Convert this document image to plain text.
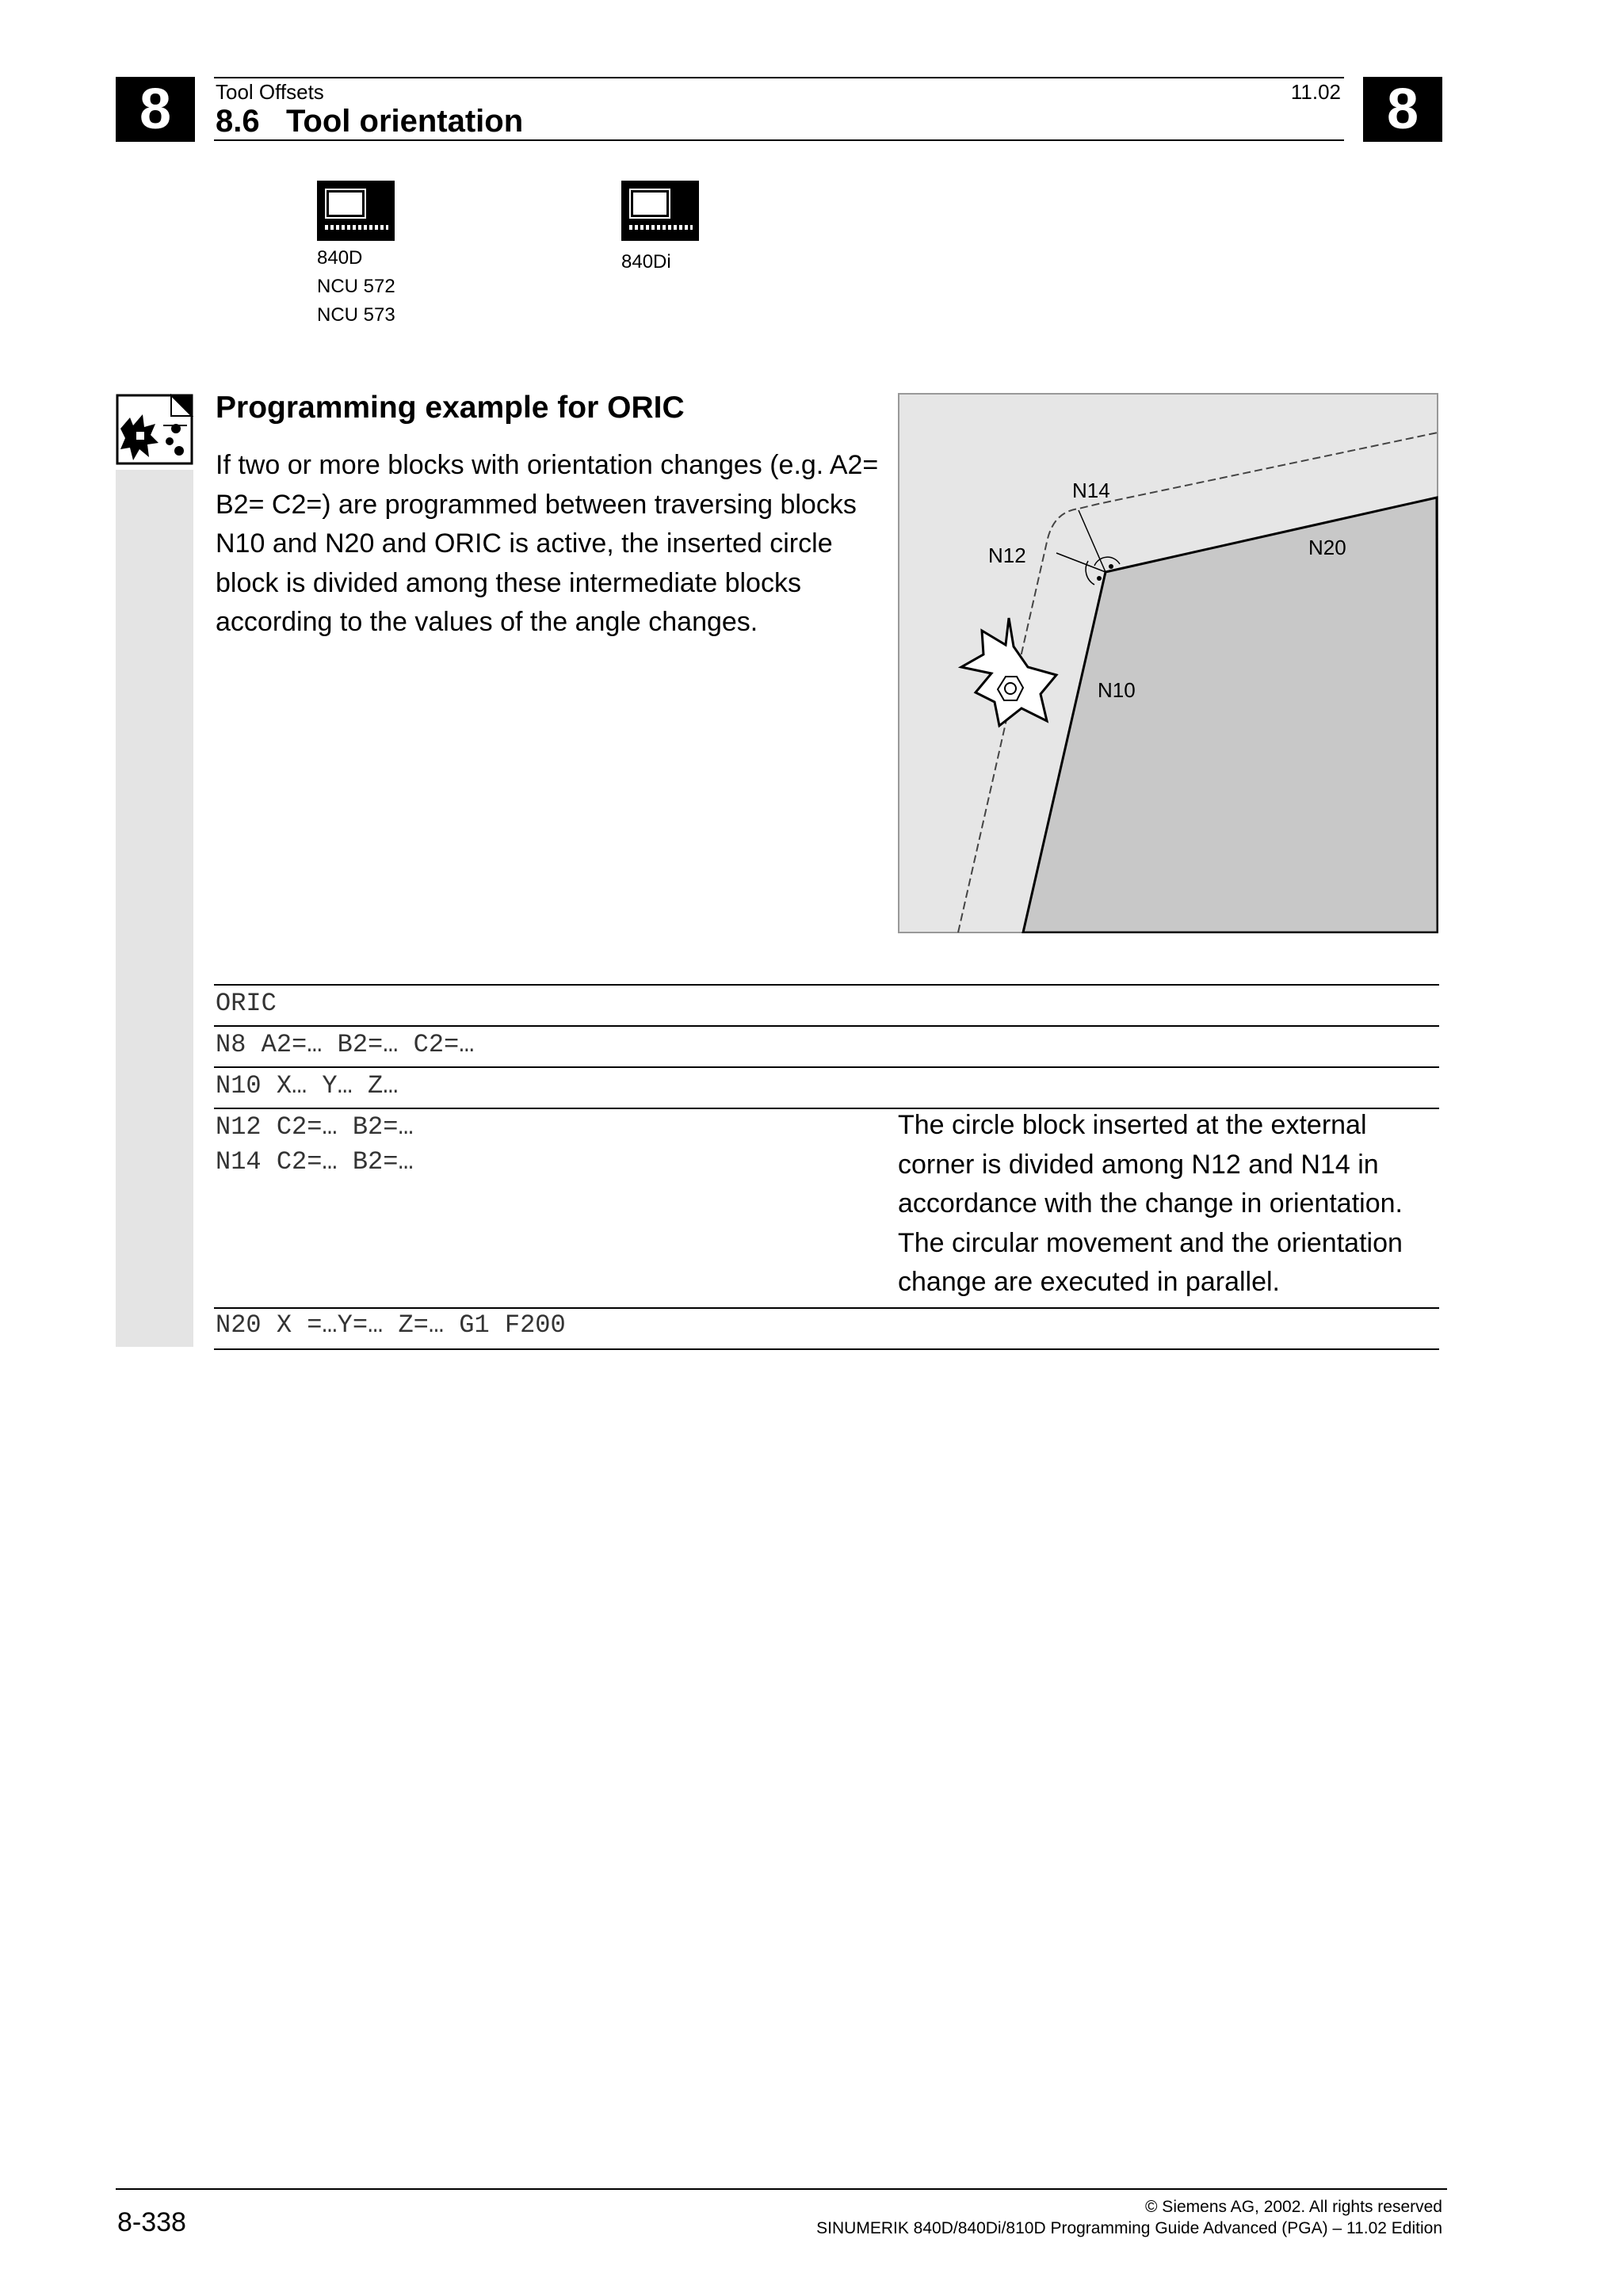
8	8
Tool Offsets	11.02
8.6   Tool orientation
840D
NCU 572
NCU 573
840Di
Programming example for ORIC
If two or more blocks with orientation changes (e.g. A2= B2= C2=) are programmed between traversing blocks N10 and N20 and ORIC is active, the inserted circle block is divided among these intermediate blocks according to the values of the angle changes.
N14
N12	N20
N10
ORIC
N8 A2=… B2=… C2=…
N10 X… Y… Z…
N12 C2=… B2=…
N14 C2=… B2=…
The circle block inserted at the external corner is divided among N12 and N14 in accordance with the change in orientation. The circular movement and the orientation change are executed in parallel.
N20 X =…Y=… Z=… G1 F200
8-338
© Siemens AG, 2002. All rights reserved
SINUMERIK 840D/840Di/810D Programming Guide Advanced (PGA) – 11.02 Edition
